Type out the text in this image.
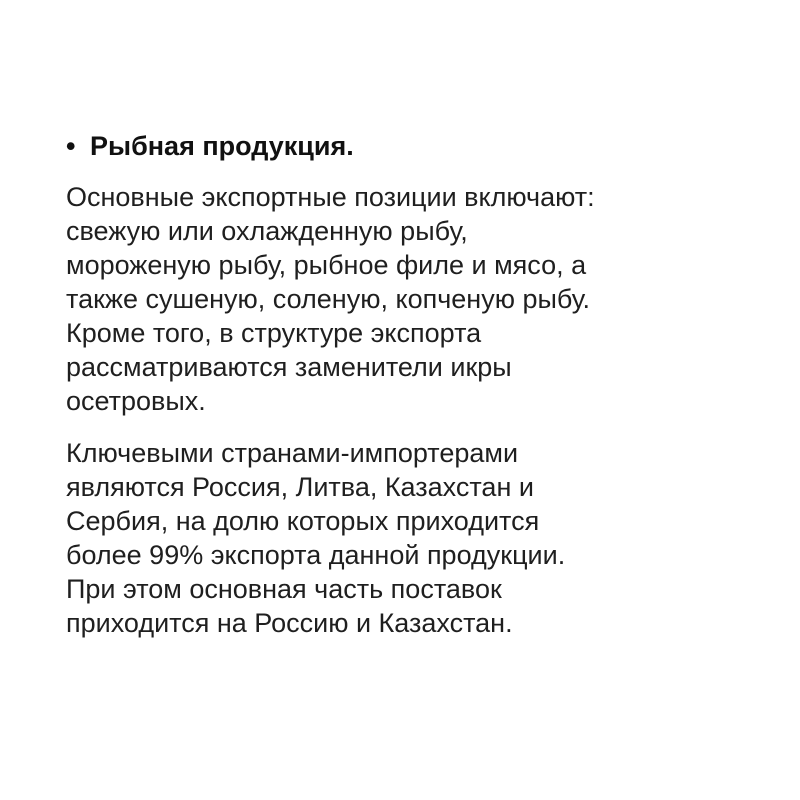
• Рыбная продукция.

Основные экспортные позиции включают:
свежую или охлажденную рыбу,
мороженую рыбу, рыбное филе и мясо, а
также сушеную, соленую, копченую рыбу.
Кроме того, в структуре экспорта
рассматриваются заменители икры
осетровых.

Ключевыми странами-импортерами
являются Россия, Литва, Казахстан и
Сербия, на долю которых приходится
более 99% экспорта данной продукции.
При этом основная часть поставок
приходится на Россию и Казахстан.
